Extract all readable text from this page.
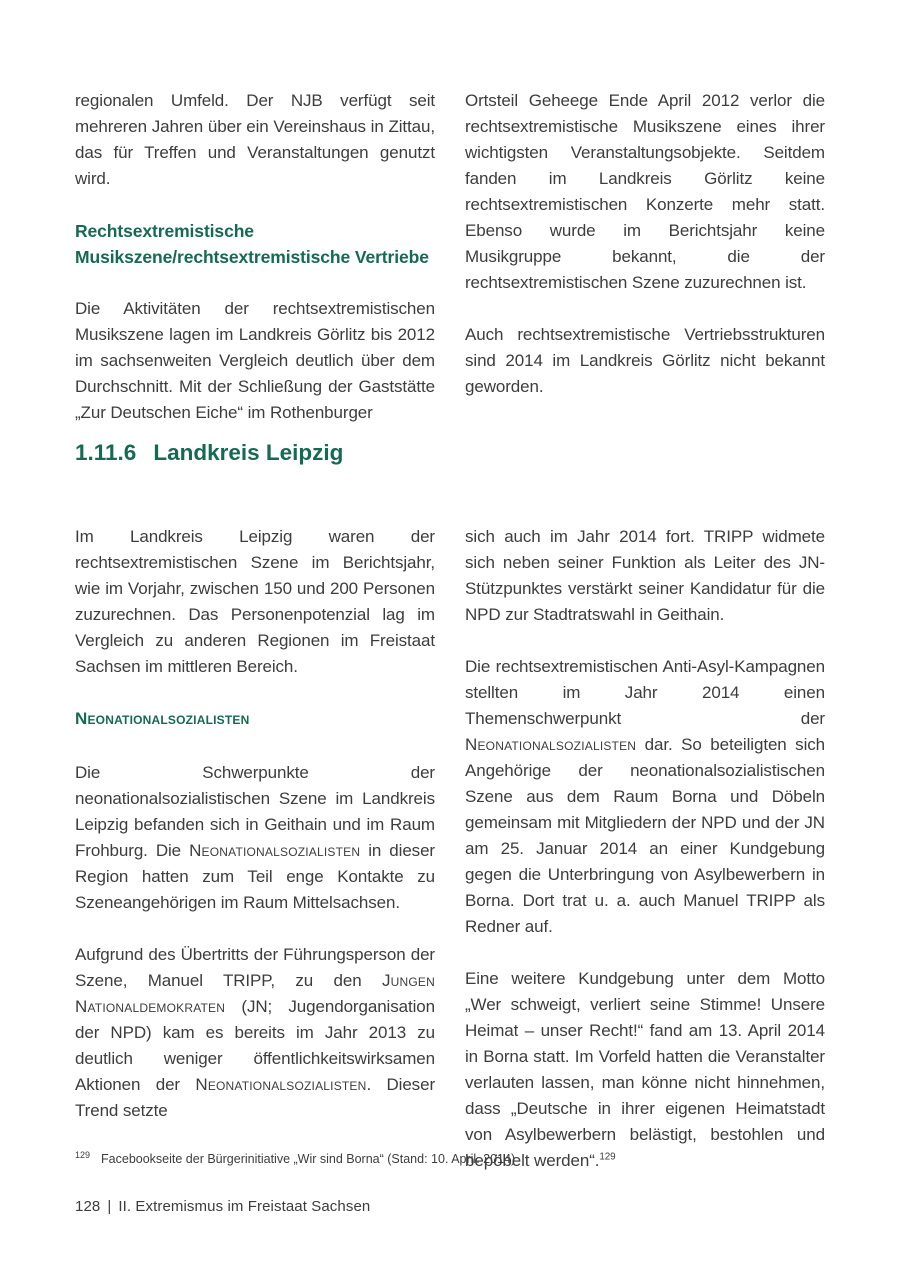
regionalen Umfeld. Der NJB verfügt seit mehreren Jahren über ein Vereinshaus in Zittau, das für Treffen und Veranstaltungen genutzt wird.

Rechtsextremistische Musikszene/rechtsextremistische Vertriebe

Die Aktivitäten der rechtsextremistischen Musikszene lagen im Landkreis Görlitz bis 2012 im sachsenweiten Vergleich deutlich über dem Durchschnitt. Mit der Schließung der Gaststätte „Zur Deutschen Eiche“ im Rothenburger

Ortsteil Geheege Ende April 2012 verlor die rechtsextremistische Musikszene eines ihrer wichtigsten Veranstaltungsobjekte. Seitdem fanden im Landkreis Görlitz keine rechtsextremistischen Konzerte mehr statt. Ebenso wurde im Berichtsjahr keine Musikgruppe bekannt, die der rechtsextremistischen Szene zuzurechnen ist.

Auch rechtsextremistische Vertriebsstrukturen sind 2014 im Landkreis Görlitz nicht bekannt geworden.

1.11.6 Landkreis Leipzig

Im Landkreis Leipzig waren der rechtsextremistischen Szene im Berichtsjahr, wie im Vorjahr, zwischen 150 und 200 Personen zuzurechnen. Das Personenpotenzial lag im Vergleich zu anderen Regionen im Freistaat Sachsen im mittleren Bereich.

Neonationalsozialisten

Die Schwerpunkte der neonationalsozialistischen Szene im Landkreis Leipzig befanden sich in Geithain und im Raum Frohburg. Die Neonationalsozialisten in dieser Region hatten zum Teil enge Kontakte zu Szeneangehörigen im Raum Mittelsachsen.

Aufgrund des Übertritts der Führungsperson der Szene, Manuel TRIPP, zu den Jungen Nationaldemokraten (JN; Jugendorganisation der NPD) kam es bereits im Jahr 2013 zu deutlich weniger öffentlichkeitswirksamen Aktionen der Neonationalsozialisten. Dieser Trend setzte

sich auch im Jahr 2014 fort. TRIPP widmete sich neben seiner Funktion als Leiter des JN-Stützpunktes verstärkt seiner Kandidatur für die NPD zur Stadtratswahl in Geithain.

Die rechtsextremistischen Anti-Asyl-Kampagnen stellten im Jahr 2014 einen Themenschwerpunkt der Neonationalsozialisten dar. So beteiligten sich Angehörige der neonationalsozialistischen Szene aus dem Raum Borna und Döbeln gemeinsam mit Mitgliedern der NPD und der JN am 25. Januar 2014 an einer Kundgebung gegen die Unterbringung von Asylbewerbern in Borna. Dort trat u. a. auch Manuel TRIPP als Redner auf.

Eine weitere Kundgebung unter dem Motto „Wer schweigt, verliert seine Stimme! Unsere Heimat – unser Recht!“ fand am 13. April 2014 in Borna statt. Im Vorfeld hatten die Veranstalter verlauten lassen, man könne nicht hinnehmen, dass „Deutsche in ihrer eigenen Heimatstadt von Asylbewerbern belästigt, bestohlen und bepöbelt werden“.$^{129}$

$^{129}$ Facebookseite der Bürgerinitiative „Wir sind Borna“ (Stand: 10. April. 2014)
128 | II. Extremismus im Freistaat Sachsen
